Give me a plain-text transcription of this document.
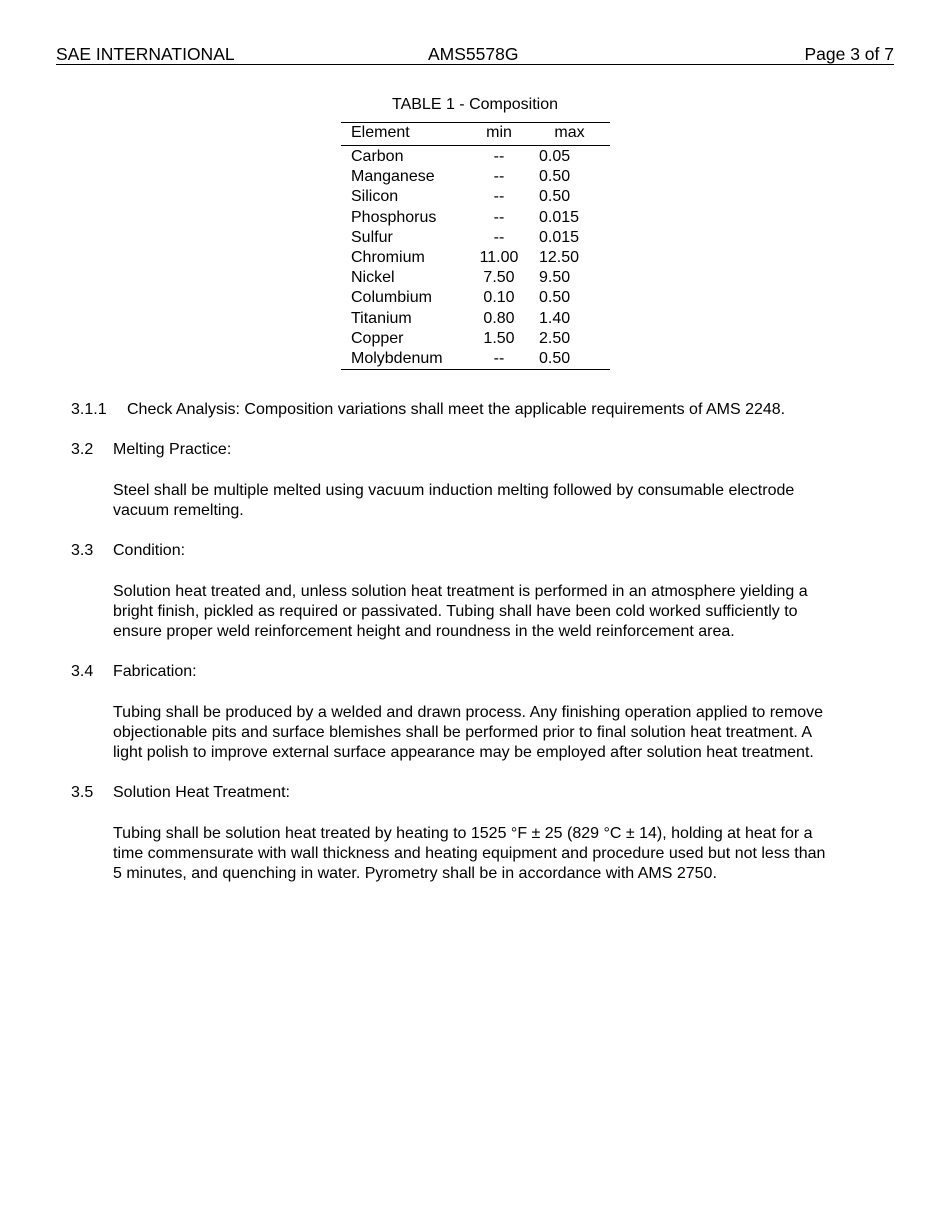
SAE INTERNATIONAL	AMS5578G	Page 3 of 7
TABLE 1 - Composition
Element	min	max
Carbon	--	0.05
Manganese	--	0.50
Silicon	--	0.50
Phosphorus	--	0.015
Sulfur	--	0.015
Chromium	11.00	12.50
Nickel	7.50	9.50
Columbium	0.10	0.50
Titanium	0.80	1.40
Copper	1.50	2.50
Molybdenum	--	0.50
3.1.1 Check Analysis: Composition variations shall meet the applicable requirements of AMS 2248.
3.2 Melting Practice:
Steel shall be multiple melted using vacuum induction melting followed by consumable electrode
vacuum remelting.
3.3 Condition:
Solution heat treated and, unless solution heat treatment is performed in an atmosphere yielding a
bright finish, pickled as required or passivated. Tubing shall have been cold worked sufficiently to
ensure proper weld reinforcement height and roundness in the weld reinforcement area.
3.4 Fabrication:
Tubing shall be produced by a welded and drawn process. Any finishing operation applied to remove
objectionable pits and surface blemishes shall be performed prior to final solution heat treatment. A
light polish to improve external surface appearance may be employed after solution heat treatment.
3.5 Solution Heat Treatment:
Tubing shall be solution heat treated by heating to 1525 °F ± 25 (829 °C ± 14), holding at heat for a
time commensurate with wall thickness and heating equipment and procedure used but not less than
5 minutes, and quenching in water. Pyrometry shall be in accordance with AMS 2750.
